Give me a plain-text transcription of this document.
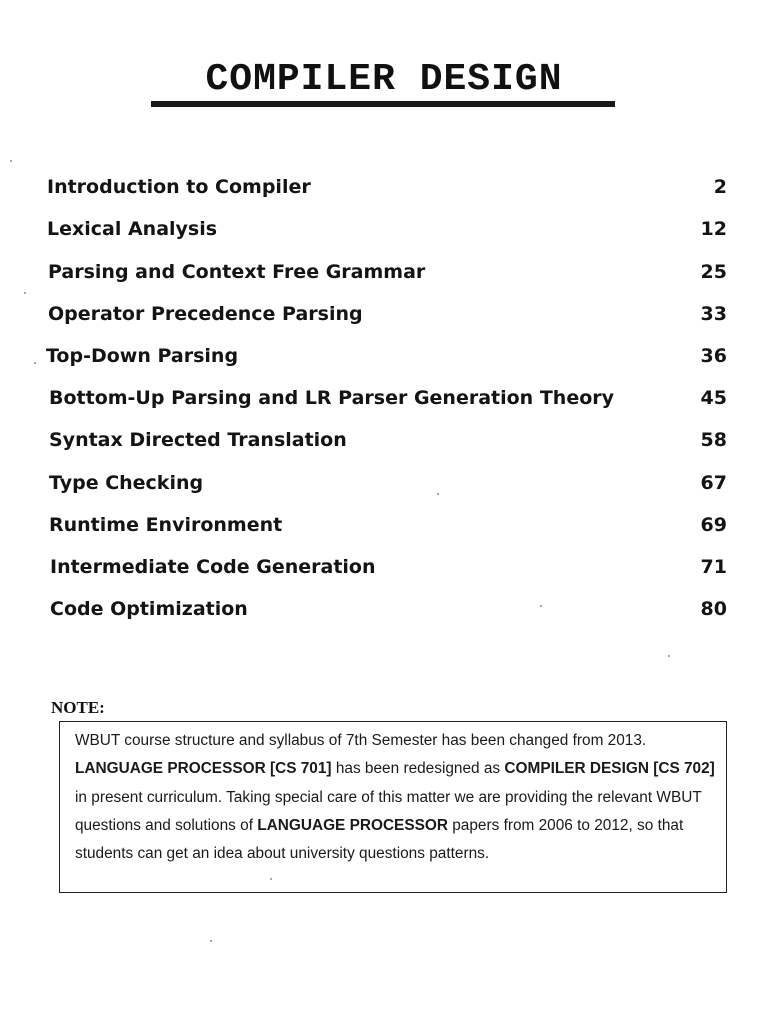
COMPILER DESIGN
Introduction to Compiler	2
Lexical Analysis	12
Parsing and Context Free Grammar	25
Operator Precedence Parsing	33
Top-Down Parsing	36
Bottom-Up Parsing and LR Parser Generation Theory	45
Syntax Directed Translation	58
Type Checking	67
Runtime Environment	69
Intermediate Code Generation	71
Code Optimization	80
NOTE:
WBUT course structure and syllabus of 7th Semester has been changed from 2013.
LANGUAGE PROCESSOR [CS 701] has been redesigned as COMPILER DESIGN [CS 702] in present curriculum. Taking special care of this matter we are providing the relevant WBUT questions and solutions of LANGUAGE PROCESSOR papers from 2006 to 2012, so that students can get an idea about university questions patterns.
